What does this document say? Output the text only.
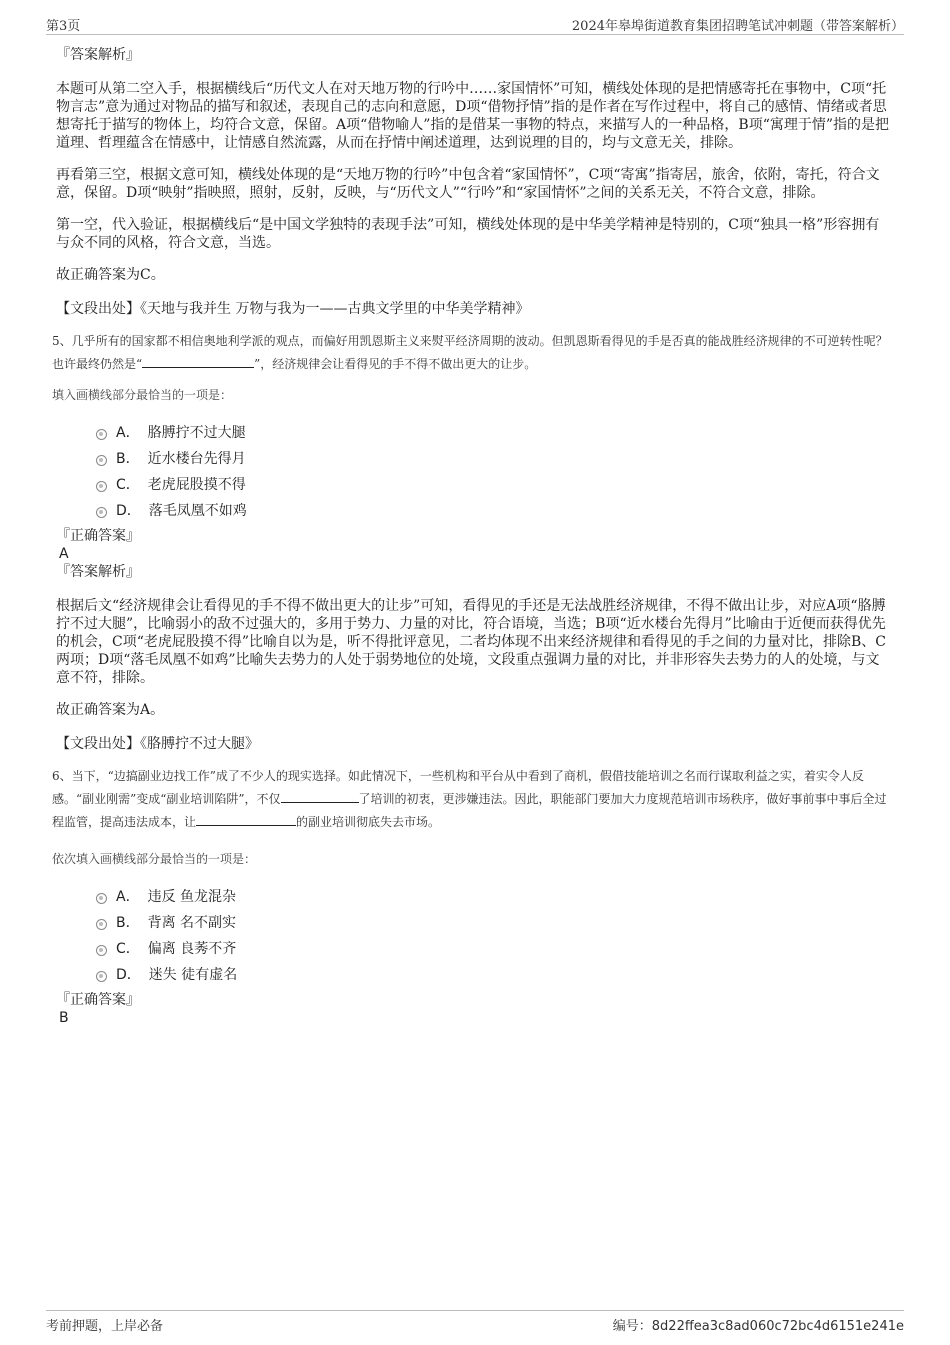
第3页	2024年皋埠街道教育集团招聘笔试冲刺题（带答案解析）

『答案解析』

本题可从第二空入手，根据横线后“历代文人在对天地万物的行吟中……家国情怀”可知，横线处体现的是把情感寄托在事物中，C项“托物言志”意为通过对物品的描写和叙述，表现自己的志向和意愿，D项“借物抒情”指的是作者在写作过程中，将自己的感情、情绪或者思想寄托于描写的物体上，均符合文意，保留。A项“借物喻人”指的是借某一事物的特点，来描写人的一种品格，B项“寓理于情”指的是把道理、哲理蕴含在情感中，让情感自然流露，从而在抒情中阐述道理，达到说理的目的，均与文意无关，排除。

再看第三空，根据文意可知，横线处体现的是“天地万物的行吟”中包含着“家国情怀”，C项“寄寓”指寄居，旅舍，依附，寄托，符合文意，保留。D项“映射”指映照，照射，反射，反映，与“历代文人”“行吟”和“家国情怀”之间的关系无关，不符合文意，排除。

第一空，代入验证，根据横线后“是中国文学独特的表现手法”可知，横线处体现的是中华美学精神是特别的，C项“独具一格”形容拥有与众不同的风格，符合文意，当选。

故正确答案为C。

【文段出处】《天地与我并生 万物与我为一——古典文学里的中华美学精神》

5、几乎所有的国家都不相信奥地利学派的观点，而偏好用凯恩斯主义来熨平经济周期的波动。但凯恩斯看得见的手是否真的能战胜经济规律的不可逆转性呢？也许最终仍然是“	”，经济规律会让看得见的手不得不做出更大的让步。

填入画横线部分最恰当的一项是：

A． 胳膊拧不过大腿
B． 近水楼台先得月
C． 老虎屁股摸不得
D． 落毛凤凰不如鸡

『正确答案』

A

『答案解析』

根据后文“经济规律会让看得见的手不得不做出更大的让步”可知，看得见的手还是无法战胜经济规律，不得不做出让步，对应A项“胳膊拧不过大腿”，比喻弱小的敌不过强大的，多用于势力、力量的对比，符合语境，当选；B项“近水楼台先得月”比喻由于近便而获得优先的机会，C项“老虎屁股摸不得”比喻自以为是，听不得批评意见，二者均体现不出来经济规律和看得见的手之间的力量对比，排除B、C两项；D项“落毛凤凰不如鸡”比喻失去势力的人处于弱势地位的处境，文段重点强调力量的对比，并非形容失去势力的人的处境，与文意不符，排除。

故正确答案为A。

【文段出处】《胳膊拧不过大腿》

6、当下，“边搞副业边找工作”成了不少人的现实选择。如此情况下，一些机构和平台从中看到了商机，假借技能培训之名而行谋取利益之实，着实令人反感。“副业刚需”变成“副业培训陷阱”，不仅	了培训的初衷，更涉嫌违法。因此，职能部门要加大力度规范培训市场秩序，做好事前事中事后全过程监管，提高违法成本，让	的副业培训彻底失去市场。

依次填入画横线部分最恰当的一项是：

A． 违反 鱼龙混杂
B． 背离 名不副实
C． 偏离 良莠不齐
D． 迷失 徒有虚名

『正确答案』

B

考前押题，上岸必备	编号：8d22ffea3c8ad060c72bc4d6151e241e
